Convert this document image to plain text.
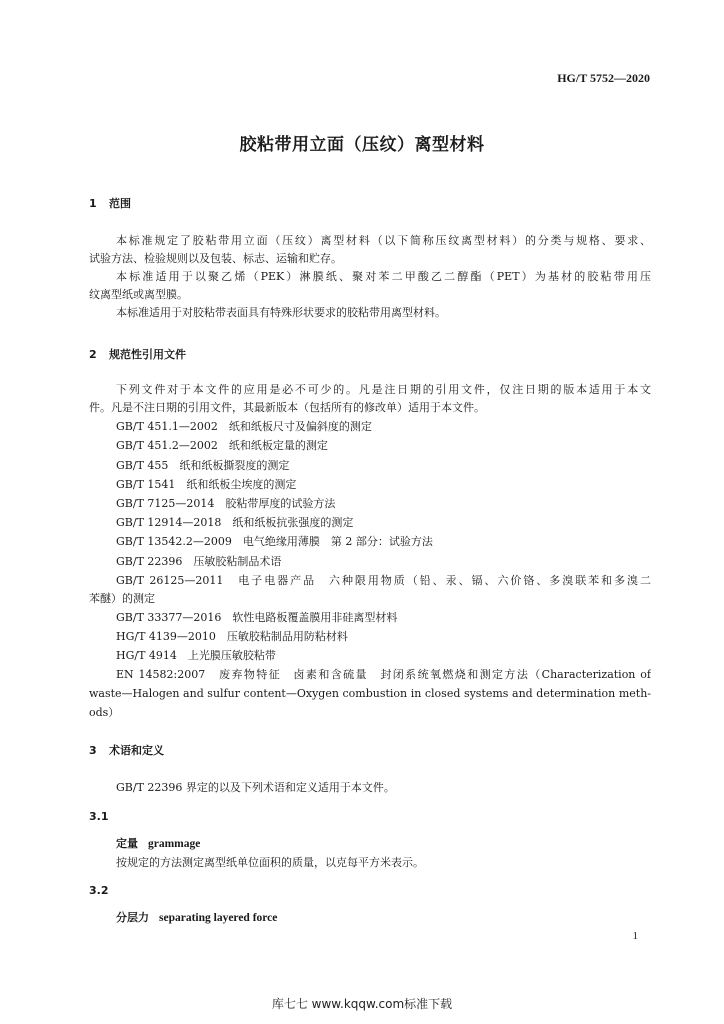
HG/T 5752—2020
胶粘带用立面（压纹）离型材料
1 范围
本标准规定了胶粘带用立面（压纹）离型材料（以下简称压纹离型材料）的分类与规格、要求、
试验方法、检验规则以及包装、标志、运输和贮存。
本标准适用于以聚乙烯（PEK）淋膜纸、聚对苯二甲酸乙二醇酯（PET）为基材的胶粘带用压
纹离型纸或离型膜。
本标准适用于对胶粘带表面具有特殊形状要求的胶粘带用离型材料。
2 规范性引用文件
下列文件对于本文件的应用是必不可少的。凡是注日期的引用文件，仅注日期的版本适用于本文
件。凡是不注日期的引用文件，其最新版本（包括所有的修改单）适用于本文件。
GB/T 451.1—2002　纸和纸板尺寸及偏斜度的测定
GB/T 451.2—2002　纸和纸板定量的测定
GB/T 455　纸和纸板撕裂度的测定
GB/T 1541　纸和纸板尘埃度的测定
GB/T 7125—2014　胶粘带厚度的试验方法
GB/T 12914—2018　纸和纸板抗张强度的测定
GB/T 13542.2—2009　电气绝缘用薄膜　第 2 部分：试验方法
GB/T 22396　压敏胶粘制品术语
GB/T 26125—2011　电子电器产品　六种限用物质（铅、汞、镉、六价铬、多溴联苯和多溴二
苯醚）的测定
GB/T 33377—2016　软性电路板覆盖膜用非硅离型材料
HG/T 4139—2010　压敏胶粘制品用防粘材料
HG/T 4914　上光膜压敏胶粘带
EN 14582:2007　废弃物特征　卤素和含硫量　封闭系统氧燃烧和测定方法（Characterization of
waste—Halogen and sulfur content—Oxygen combustion in closed systems and determination meth-
ods）
3 术语和定义
GB/T 22396 界定的以及下列术语和定义适用于本文件。
3.1
定量 grammage
按规定的方法测定离型纸单位面积的质量，以克每平方米表示。
3.2
分层力 separating layered force
1
库七七 www.kqqw.com标准下载
